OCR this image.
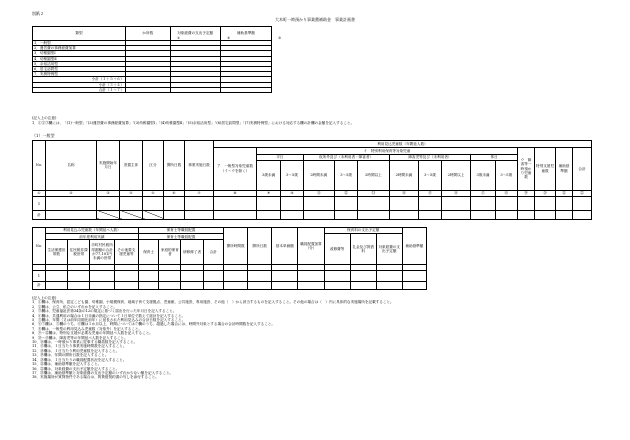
別紙２
大木町一時預かり事業費補助金　事業計画書
類型	か所数	対象経費の支出予定額	補助基準額
1．一般型			
2．運営費の事務経費加算			
3．幼稚園型Ⅰ			
4．幼稚園型Ⅱ			
5．余裕活用型			
6．居宅訪問型			
7．実務特例型			
小計（１＋５＋６）			
小計（３＋４）			
合計（１〜７）			
①	②	③
(記入上の注意)
1．①②③欄には、「(1)一般型」「(2)運営費の事務経費加算」「(3)幼稚園型Ⅰ」「(4)幼稚園型Ⅱ」「(5)余裕活用型」「(6)居宅訪問型」「(7)実務特例型」における対応する欄の計欄の金額を記入すること。
（1）一般型
No.	名称	実施開始年月日	設置主体	区分	開所日数	事業実施日数	利用見込児童数（年間延人数）														
							ア　一般型対象児童数（イ〜ウを除く）	イ　特別利用保育等対象児童										ウ　障害等一時預かり児童数	特別支援児童数	補助基準額	合計
								平日		仮所外及び（未利用者・障害者）			障害児等及び（未利用者）			休日					
								3歳未満	3〜5歳	2時間未満	3〜5歳	2時間以上	2時間未満	3〜5歳	2時間以上	3歳未満	3〜5歳				
①	②	③	④	⑤	⑥	⑦	⑧	⑨	⑩	⑪	⑫	⑬	⑭	⑮	⑯	⑰	⑱	⑲	⑳	㉑	㉒
1																					
計																					
No.	利用見込み児童数（年間延べ人数）				保育士等職員配置				開所時間数	開所日数	基本単価額	職員配置加算（分）	保育料の支出予定額			補助基準額
	前年度利用実績				保育士等職員配置								改修費等	礼金及び賃借料	対象経費の支出予定額	
	生活保護世帯数	住民税非課税世帯	市町村民税所得割額の合計が77,101円未満の世帯	その他要支援児童等	保育士	家庭的保育者	研修修了者	合計								

1																
計																
(記入上の注意)
1．①欄は、保育所、認定こども園、幼稚園、小規模保育、地域子育て支援拠点、児童館、公共施設、専用施設、その他（　）から該当するものを記入すること。その他の場合は（　）内に具体的な実施場所を記載すること。
2．②欄は、公立、私立のいずれかを記入すること。
3．③欄は、児童福祉法第34条の12の規定に基づく届出を行った年月日を記入すること。
4．④欄は、共通利用の場合は１日未満の指定について１日単位で数えて総計を記入すること。
5．⑤欄は、年間（又は前年同期比前年）に延長された利用見込みの合計日数を記入すること。
6．⑥⑦欄は、⑤欄のうち、⑥欄は１か月以上、時間については⑦欄のうち、超過した場合には、時間外対象とする場合の合計時間数を記入すること。
7．⑧欄は、一般型の利用見込み児童数（対象外）を記入すること。
8．⑨〜⑫欄は、特別な支援が必要な児童の年間延べ人数を記入すること。
9．⑬〜⑮欄は、障害児等の年間延べ人数を記入すること。
10．⑯欄は、一時預かり事業に従事する職員数を記入すること。
11．⑰欄は、１日当たり事業実施時間数を記入すること。
12．⑱欄は、１日当たり利用児童数を記入すること。
13．⑲欄は、年間の開所日数を記入すること。
14．⑳欄は、１日当たりの職員配置状況を記入すること。
15．㉑欄は、補助基準額を記入すること。
16．㉒欄は、対象経費の支出予定額を記入すること。
17．㉓欄は、補助基準額と対象経費の支出予定額のいずれか少ない額を記入すること。
18．実施場所が賃貸物件である場合は、賃貸借契約書の写しを添付すること。
